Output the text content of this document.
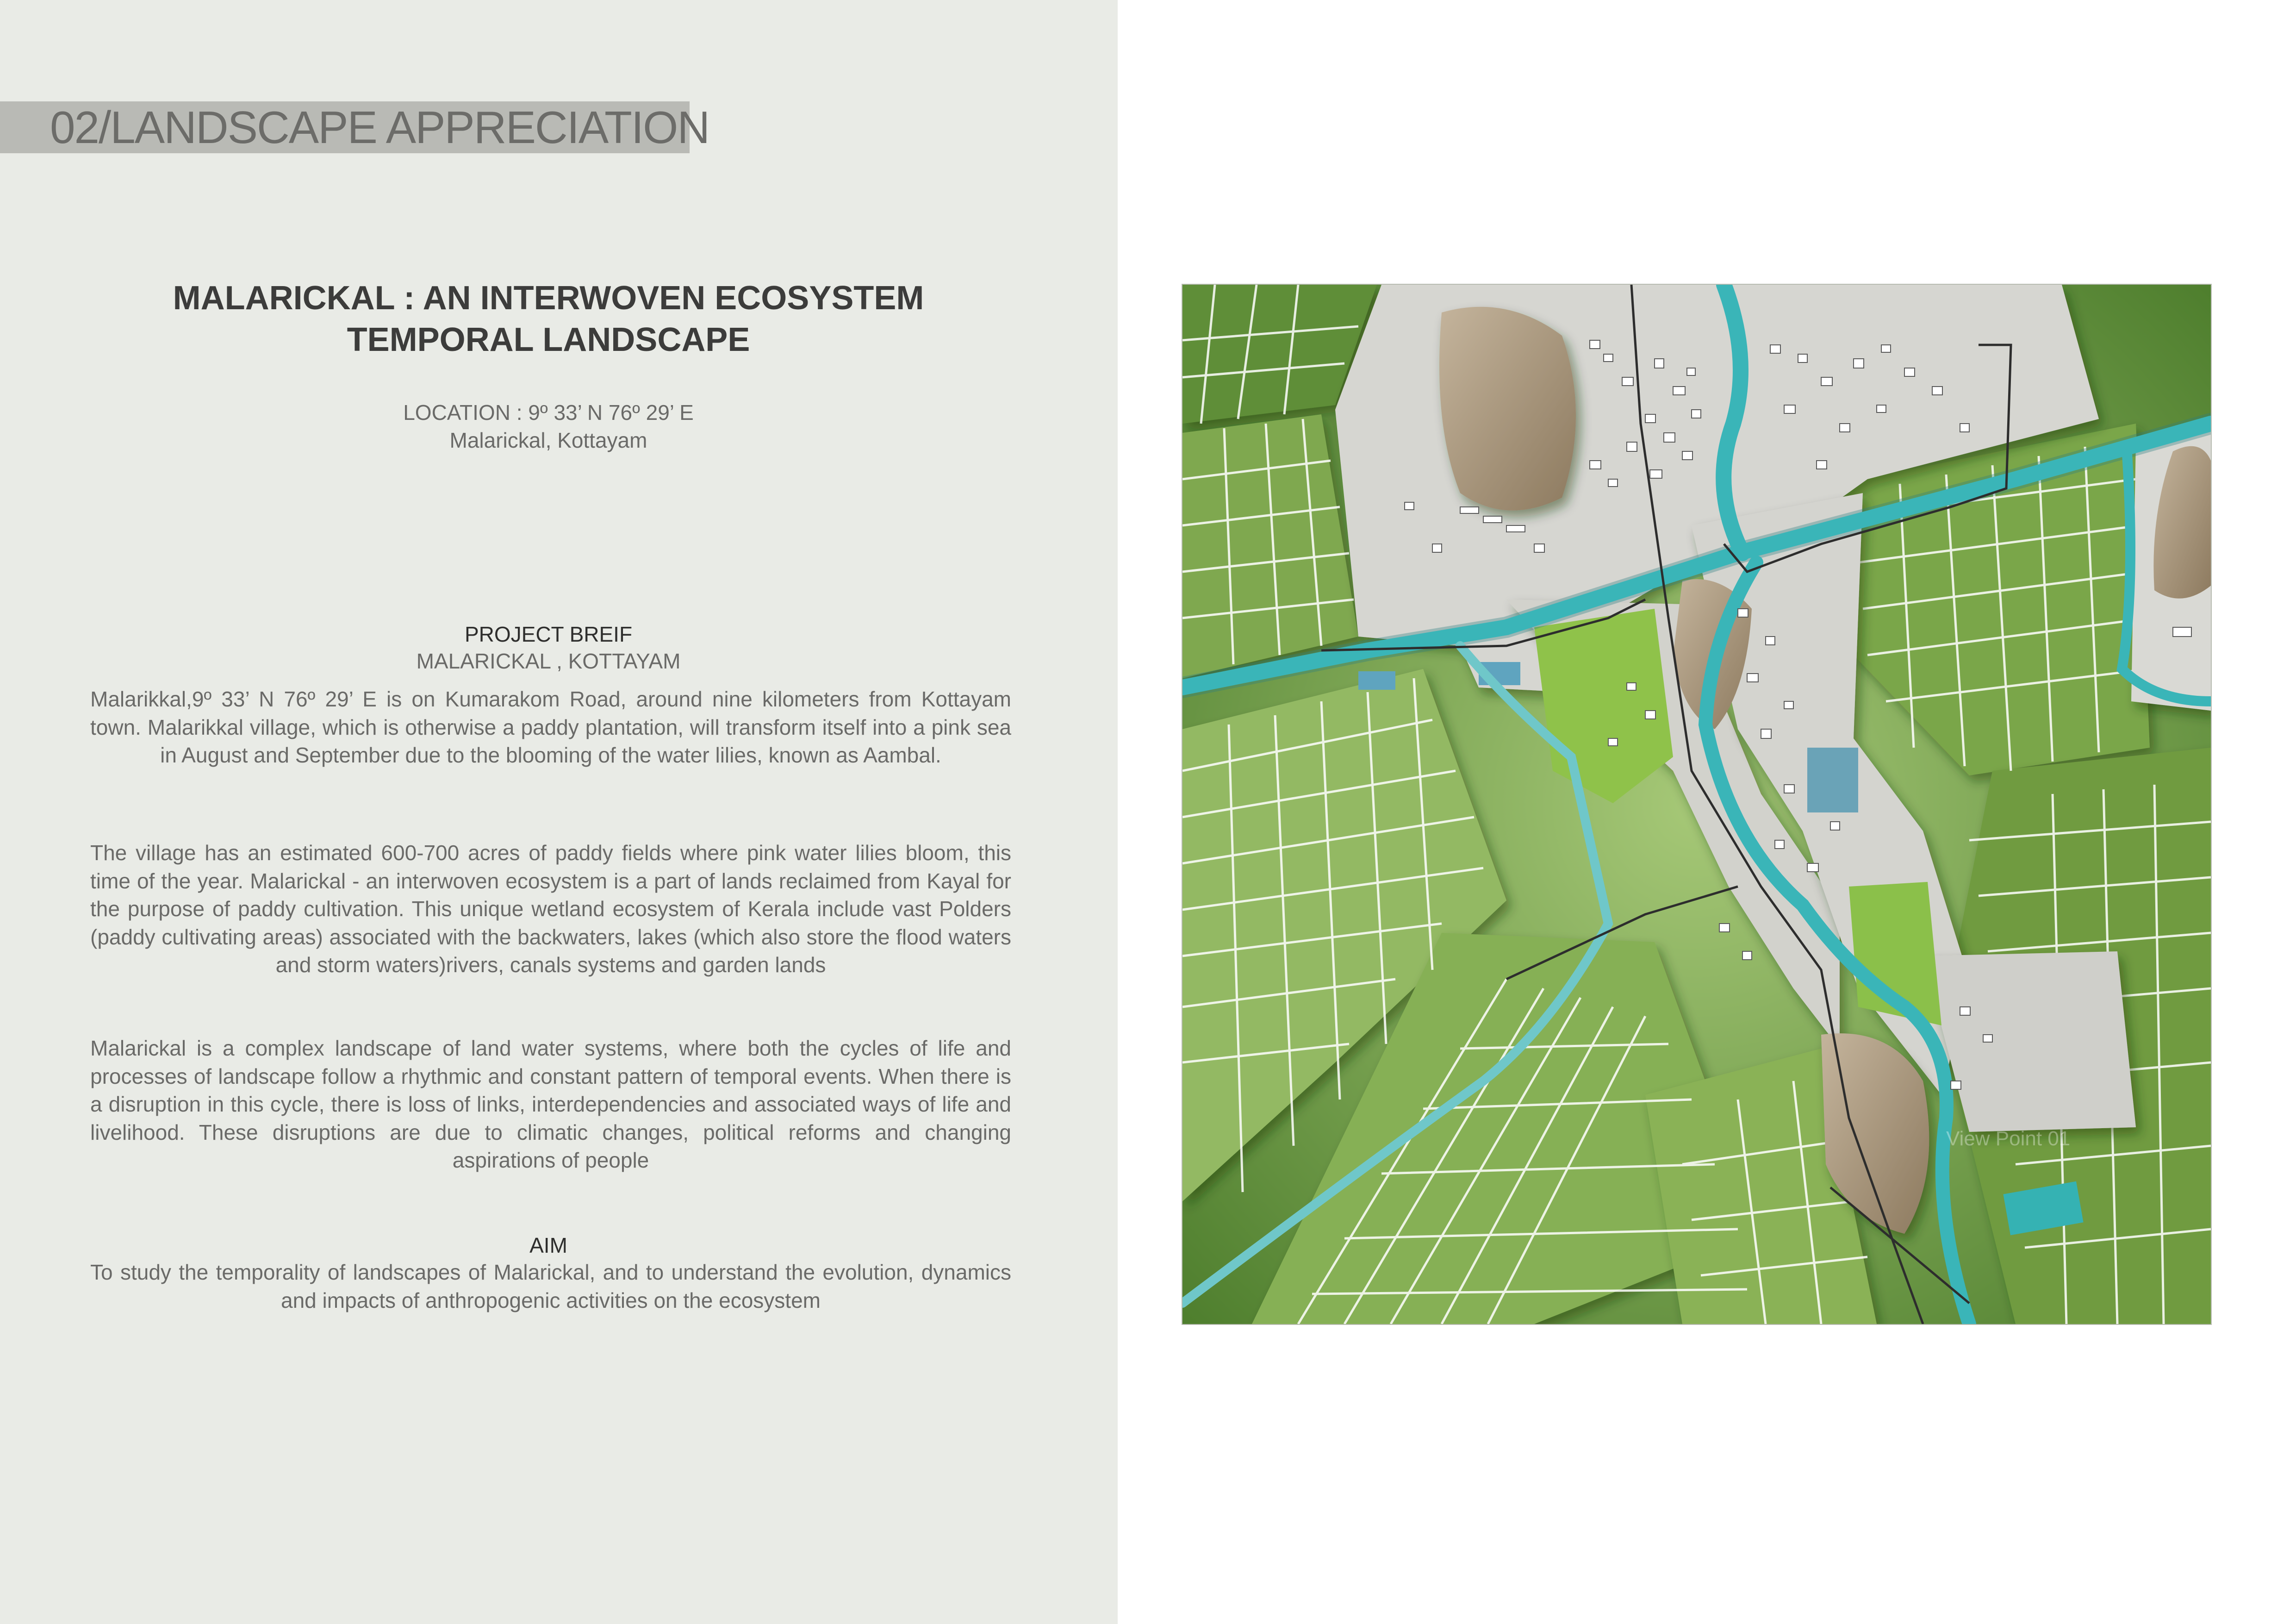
02/LANDSCAPE APPRECIATION
MALARICKAL : AN INTERWOVEN ECOSYSTEM
TEMPORAL LANDSCAPE
LOCATION : 9º 33’ N 76º 29’ E
Malarickal, Kottayam
PROJECT BREIF
MALARICKAL , KOTTAYAM

Malarikkal,9º 33’ N 76º 29’ E is on Kumarakom Road, around nine kilometers from Kottayam town. Malarikkal village, which is otherwise a paddy plantation, will transform itself into a pink sea in August and September due to the blooming of the water lilies, known as Aambal.

The village has an estimated 600-700 acres of paddy fields where pink water lilies bloom, this time of the year. Malarickal - an interwoven ecosystem is a part of lands reclaimed from Kayal for the purpose of paddy cultivation. This unique wetland ecosystem of Kerala include vast Polders (paddy cultivating areas) associated with the backwaters, lakes (which also store the flood waters and storm waters)rivers, canals systems and garden lands

Malarickal is a complex landscape of land water systems, where both the cycles of life and processes of landscape follow a rhythmic and constant pattern of temporal events. When there is a disruption in this cycle, there is loss of links, interdependencies and associated ways of life and livelihood. These disruptions are due to climatic changes, political reforms and changing aspirations of people

AIM

To study the temporality of landscapes of Malarickal, and to understand the evolution, dynamics and impacts of anthropogenic activities on the ecosystem

View Point 01
